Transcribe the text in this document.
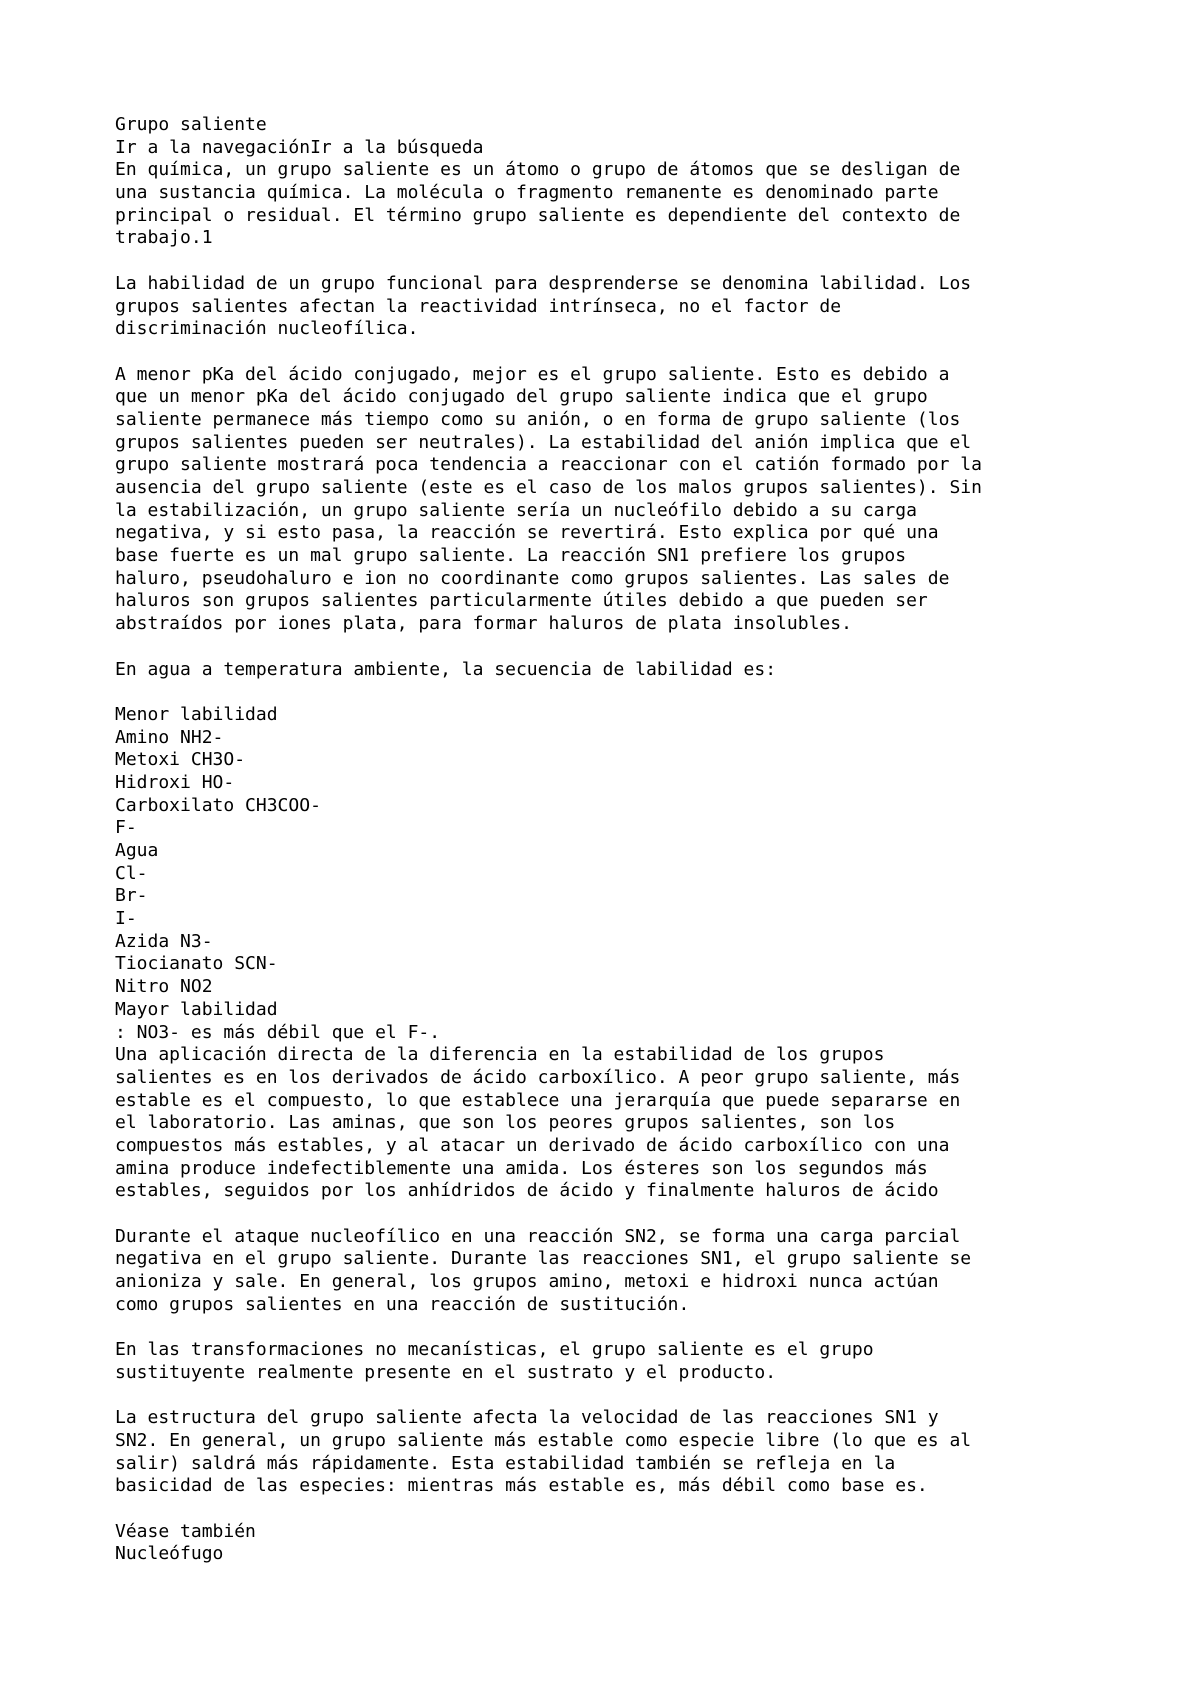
Grupo saliente
Ir a la navegaciónIr a la búsqueda
En química, un grupo saliente es un átomo o grupo de átomos que se desligan de
una sustancia química. La molécula o fragmento remanente es denominado parte
principal o residual. El término grupo saliente es dependiente del contexto de
trabajo.1
La habilidad de un grupo funcional para desprenderse se denomina labilidad. Los
grupos salientes afectan la reactividad intrínseca, no el factor de
discriminación nucleofílica.
A menor pKa del ácido conjugado, mejor es el grupo saliente. Esto es debido a
que un menor pKa del ácido conjugado del grupo saliente indica que el grupo
saliente permanece más tiempo como su anión, o en forma de grupo saliente (los
grupos salientes pueden ser neutrales). La estabilidad del anión implica que el
grupo saliente mostrará poca tendencia a reaccionar con el catión formado por la
ausencia del grupo saliente (este es el caso de los malos grupos salientes). Sin
la estabilización, un grupo saliente sería un nucleófilo debido a su carga
negativa, y si esto pasa, la reacción se revertirá. Esto explica por qué una
base fuerte es un mal grupo saliente. La reacción SN1 prefiere los grupos
haluro, pseudohaluro e ion no coordinante como grupos salientes. Las sales de
haluros son grupos salientes particularmente útiles debido a que pueden ser
abstraídos por iones plata, para formar haluros de plata insolubles.
En agua a temperatura ambiente, la secuencia de labilidad es:
Menor labilidad
Amino NH2-
Metoxi CH3O-
Hidroxi HO-
Carboxilato CH3COO-
F-
Agua
Cl-
Br-
I-
Azida N3-
Tiocianato SCN-
Nitro NO2
Mayor labilidad
: NO3- es más débil que el F-.
Una aplicación directa de la diferencia en la estabilidad de los grupos
salientes es en los derivados de ácido carboxílico. A peor grupo saliente, más
estable es el compuesto, lo que establece una jerarquía que puede separarse en
el laboratorio. Las aminas, que son los peores grupos salientes, son los
compuestos más estables, y al atacar un derivado de ácido carboxílico con una
amina produce indefectiblemente una amida. Los ésteres son los segundos más
estables, seguidos por los anhídridos de ácido y finalmente haluros de ácido
Durante el ataque nucleofílico en una reacción SN2, se forma una carga parcial
negativa en el grupo saliente. Durante las reacciones SN1, el grupo saliente se
anioniza y sale. En general, los grupos amino, metoxi e hidroxi nunca actúan
como grupos salientes en una reacción de sustitución.
En las transformaciones no mecanísticas, el grupo saliente es el grupo
sustituyente realmente presente en el sustrato y el producto.
La estructura del grupo saliente afecta la velocidad de las reacciones SN1 y
SN2. En general, un grupo saliente más estable como especie libre (lo que es al
salir) saldrá más rápidamente. Esta estabilidad también se refleja en la
basicidad de las especies: mientras más estable es, más débil como base es.
Véase también
Nucleófugo
